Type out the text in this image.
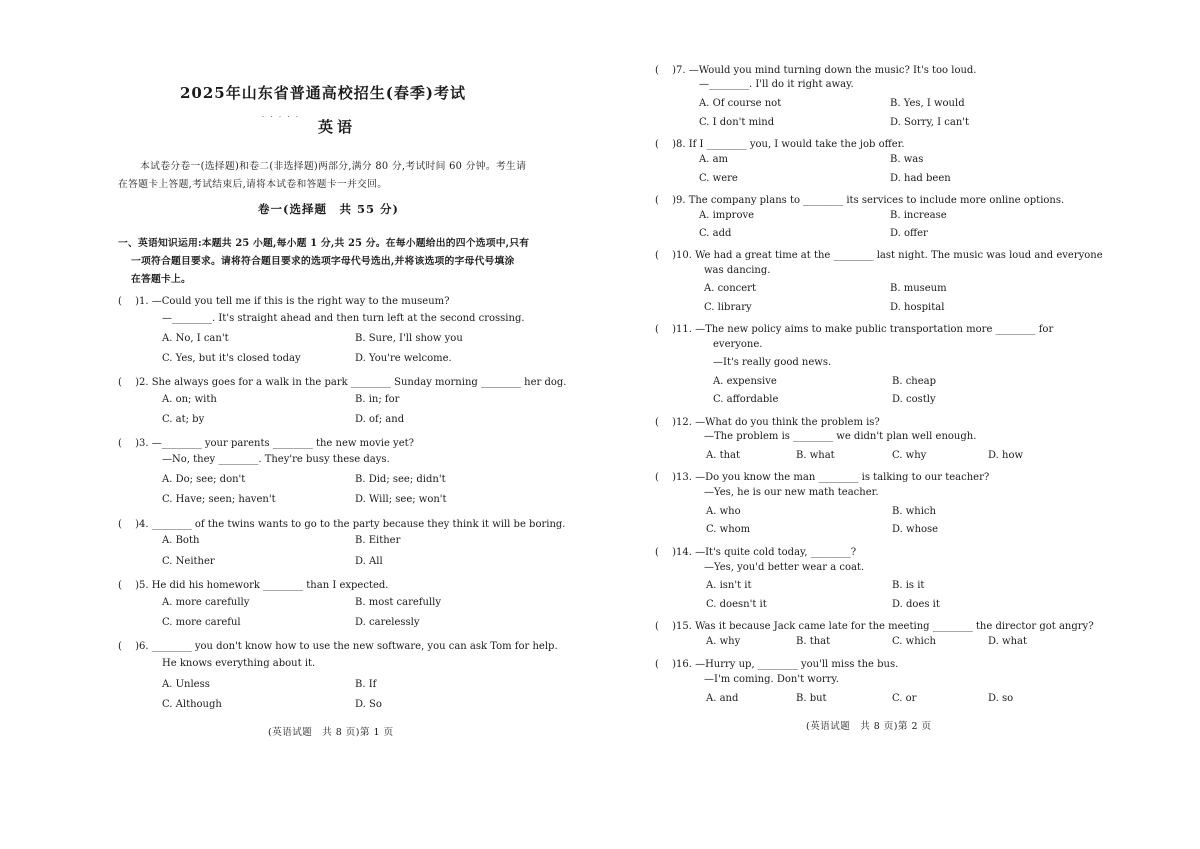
2025年山东省普通高校招生(春季)考试
· · · · ·
英语
本试卷分卷一(选择题)和卷二(非选择题)两部分,满分 80 分,考试时间 60 分钟。考生请
在答题卡上答题,考试结束后,请将本试卷和答题卡一并交回。
卷一(选择题　共 55 分)
一、英语知识运用:本题共 25 小题,每小题 1 分,共 25 分。在每小题给出的四个选项中,只有
一项符合题目要求。请将符合题目要求的选项字母代号选出,并将该选项的字母代号填涂
在答题卡上。
(　 )1. —Could you tell me if this is the right way to the museum?
—________. It's straight ahead and then turn left at the second crossing.
A. No, I can't	B. Sure, I'll show you
C. Yes, but it's closed today	D. You're welcome.
(　 )2. She always goes for a walk in the park ________ Sunday morning ________ her dog.
A. on; with	B. in; for
C. at; by	D. of; and
(　 )3. —________ your parents ________ the new movie yet?
—No, they ________. They're busy these days.
A. Do; see; don't	B. Did; see; didn't
C. Have; seen; haven't	D. Will; see; won't
(　 )4. ________ of the twins wants to go to the party because they think it will be boring.
A. Both	B. Either
C. Neither	D. All
(　 )5. He did his homework ________ than I expected.
A. more carefully	B. most carefully
C. more careful	D. carelessly
(　 )6. ________ you don't know how to use the new software, you can ask Tom for help.
He knows everything about it.
A. Unless	B. If
C. Although	D. So
(英语试题　共 8 页)第 1 页
(　 )7. —Would you mind turning down the music? It's too loud.
—________. I'll do it right away.
A. Of course not	B. Yes, I would
C. I don't mind	D. Sorry, I can't
(　 )8. If I ________ you, I would take the job offer.
A. am	B. was
C. were	D. had been
(　 )9. The company plans to ________ its services to include more online options.
A. improve	B. increase
C. add	D. offer
(　 )10. We had a great time at the ________ last night. The music was loud and everyone
was dancing.
A. concert	B. museum
C. library	D. hospital
(　 )11. —The new policy aims to make public transportation more ________ for
everyone.
—It's really good news.
A. expensive	B. cheap
C. affordable	D. costly
(　 )12. —What do you think the problem is?
—The problem is ________ we didn't plan well enough.
A. that	B. what	C. why	D. how
(　 )13. —Do you know the man ________ is talking to our teacher?
—Yes, he is our new math teacher.
A. who	B. which
C. whom	D. whose
(　 )14. —It's quite cold today, ________?
—Yes, you'd better wear a coat.
A. isn't it	B. is it
C. doesn't it	D. does it
(　 )15. Was it because Jack came late for the meeting ________ the director got angry?
A. why	B. that	C. which	D. what
(　 )16. —Hurry up, ________ you'll miss the bus.
—I'm coming. Don't worry.
A. and	B. but	C. or	D. so
(英语试题　共 8 页)第 2 页
